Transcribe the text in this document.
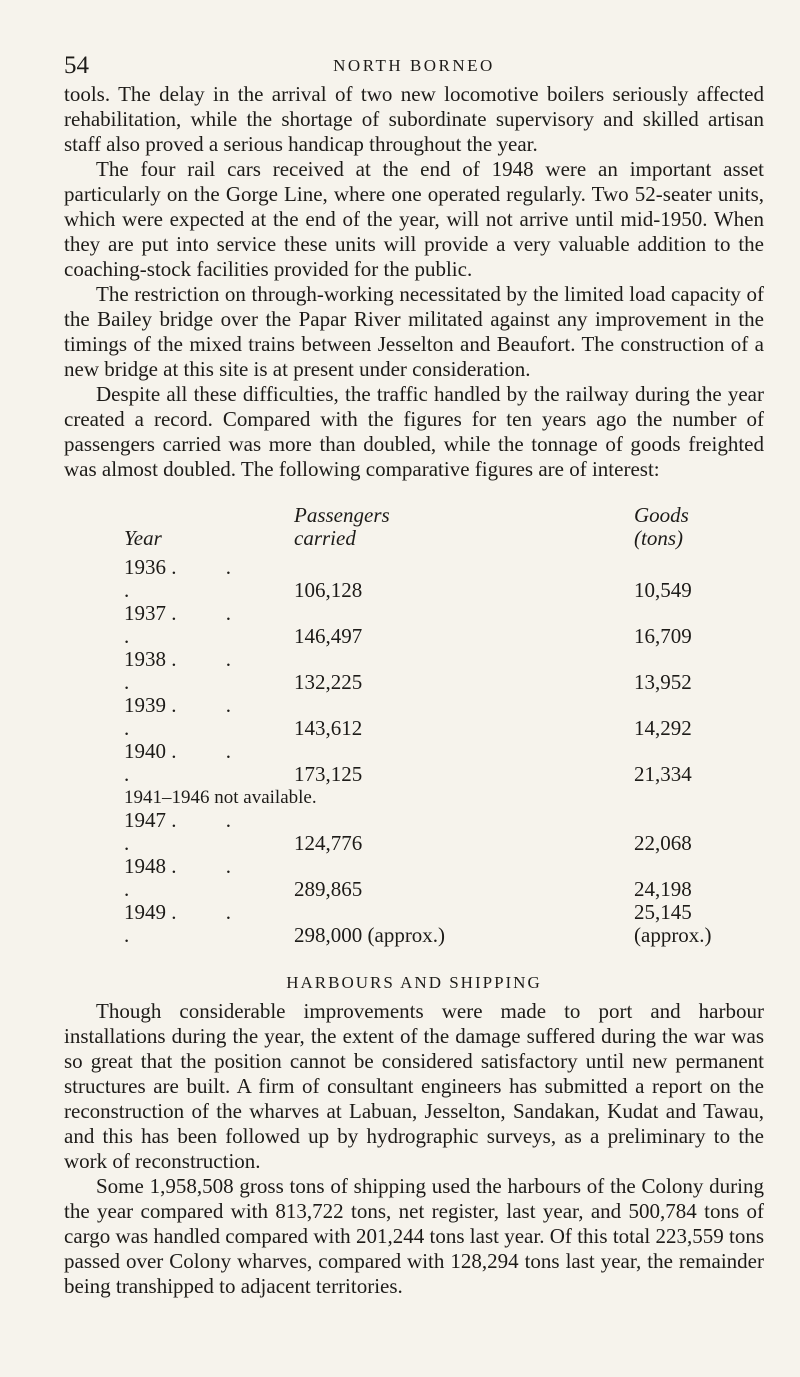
54	NORTH BORNEO

tools. The delay in the arrival of two new locomotive boilers seriously affected rehabilitation, while the shortage of subordinate supervisory and skilled artisan staff also proved a serious handicap throughout the year.

The four rail cars received at the end of 1948 were an important asset particularly on the Gorge Line, where one operated regularly. Two 52-seater units, which were expected at the end of the year, will not arrive until mid-1950. When they are put into service these units will provide a very valuable addition to the coaching-stock facilities provided for the public.

The restriction on through-working necessitated by the limited load capacity of the Bailey bridge over the Papar River militated against any improvement in the timings of the mixed trains between Jesselton and Beaufort. The construction of a new bridge at this site is at present under consideration.

Despite all these difficulties, the traffic handled by the railway during the year created a record. Compared with the figures for ten years ago the number of passengers carried was more than doubled, while the tonnage of goods freighted was almost doubled. The following comparative figures are of interest:

	Passengers	Goods
Year	carried	(tons)

1936 . . .	106,128	10,549
1937 . . .	146,497	16,709
1938 . . .	132,225	13,952
1939 . . .	143,612	14,292
1940 . . .	173,125	21,334
1941–1946 not available.		
1947 . . .	124,776	22,068
1948 . . .	289,865	24,198
1949 . . .	298,000 (approx.)	25,145 (approx.)
HARBOURS AND SHIPPING

Though considerable improvements were made to port and harbour installations during the year, the extent of the damage suffered during the war was so great that the position cannot be considered satisfactory until new permanent structures are built. A firm of consultant engineers has submitted a report on the reconstruction of the wharves at Labuan, Jesselton, Sandakan, Kudat and Tawau, and this has been followed up by hydrographic surveys, as a preliminary to the work of reconstruction.

Some 1,958,508 gross tons of shipping used the harbours of the Colony during the year compared with 813,722 tons, net register, last year, and 500,784 tons of cargo was handled compared with 201,244 tons last year. Of this total 223,559 tons passed over Colony wharves, compared with 128,294 tons last year, the remainder being transhipped to adjacent territories.
